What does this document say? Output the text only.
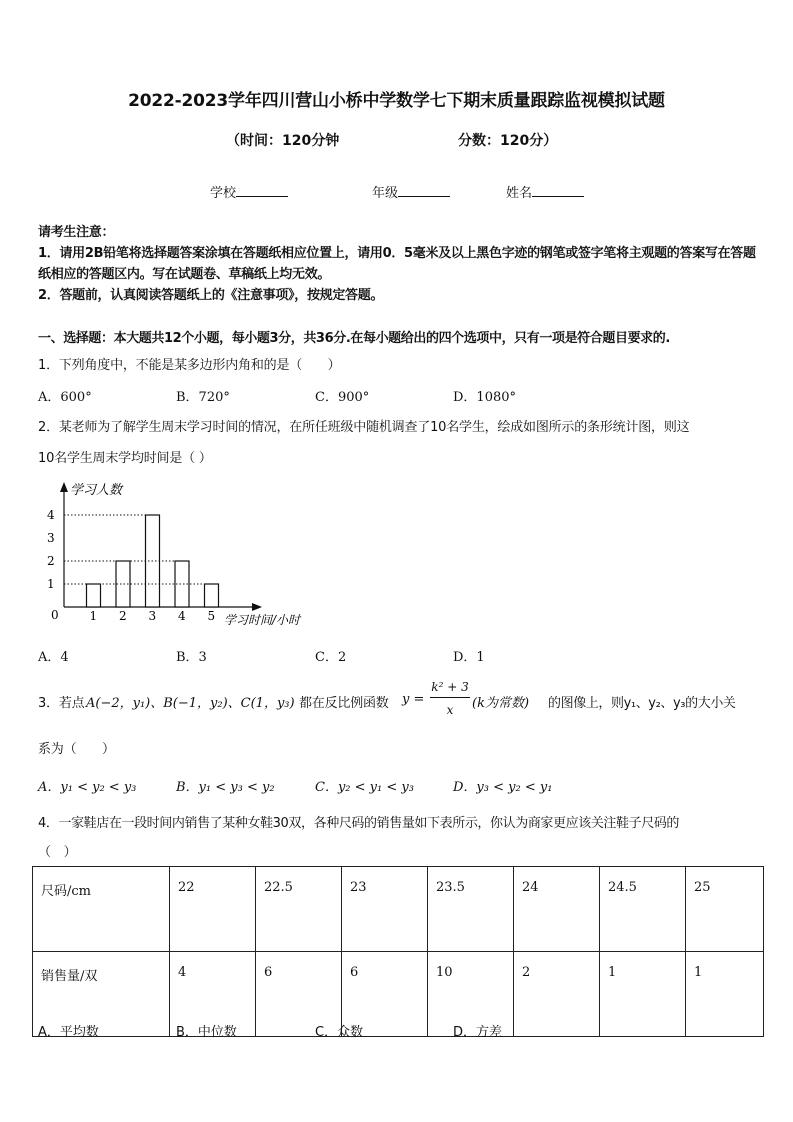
2022-2023学年四川营山小桥中学数学七下期末质量跟踪监视模拟试题
（时间：120分钟	分数：120分）
学校	年级	姓名
请考生注意：
1．请用2B铅笔将选择题答案涂填在答题纸相应位置上，请用0．5毫米及以上黑色字迹的钢笔或签字笔将主观题的答案写在答题纸相应的答题区内。写在试题卷、草稿纸上均无效。
2．答题前，认真阅读答题纸上的《注意事项》，按规定答题。
一、选择题：本大题共12个小题，每小题3分，共36分.在每小题给出的四个选项中，只有一项是符合题目要求的.
1．下列角度中，不能是某多边形内角和的是（　　）
A．600°	B．720°	C．900°	D．1080°
2．某老师为了解学生周末学习时间的情况，在所任班级中随机调查了10名学生，绘成如图所示的条形统计图，则这
10名学生周末学均时间是（ ）
学习人数
学习时间/小时
0
1
2
3
4
1 2 3 4 5
A．4	B．3	C．2	D．1
3．若点 A(−2，y₁)、B(−1，y₂)、C(1，y₃) 都在反比例函数 y =
k² + 3
x	(k为常数) 的图像上，则y₁、y₂、y₃的大小关
系为（　　）
A．y₁ < y₂ < y₃	B．y₁ < y₃ < y₂	C．y₂ < y₁ < y₃	D．y₃ < y₂ < y₁
4．一家鞋店在一段时间内销售了某种女鞋30双，各种尺码的销售量如下表所示，你认为商家更应该关注鞋子尺码的
（　）
尺码/cm	22	22.5	23	23.5	24	24.5	25
销售量/双	4	6	6	10	2	1	1
A．平均数	B．中位数	C．众数	D．方差
